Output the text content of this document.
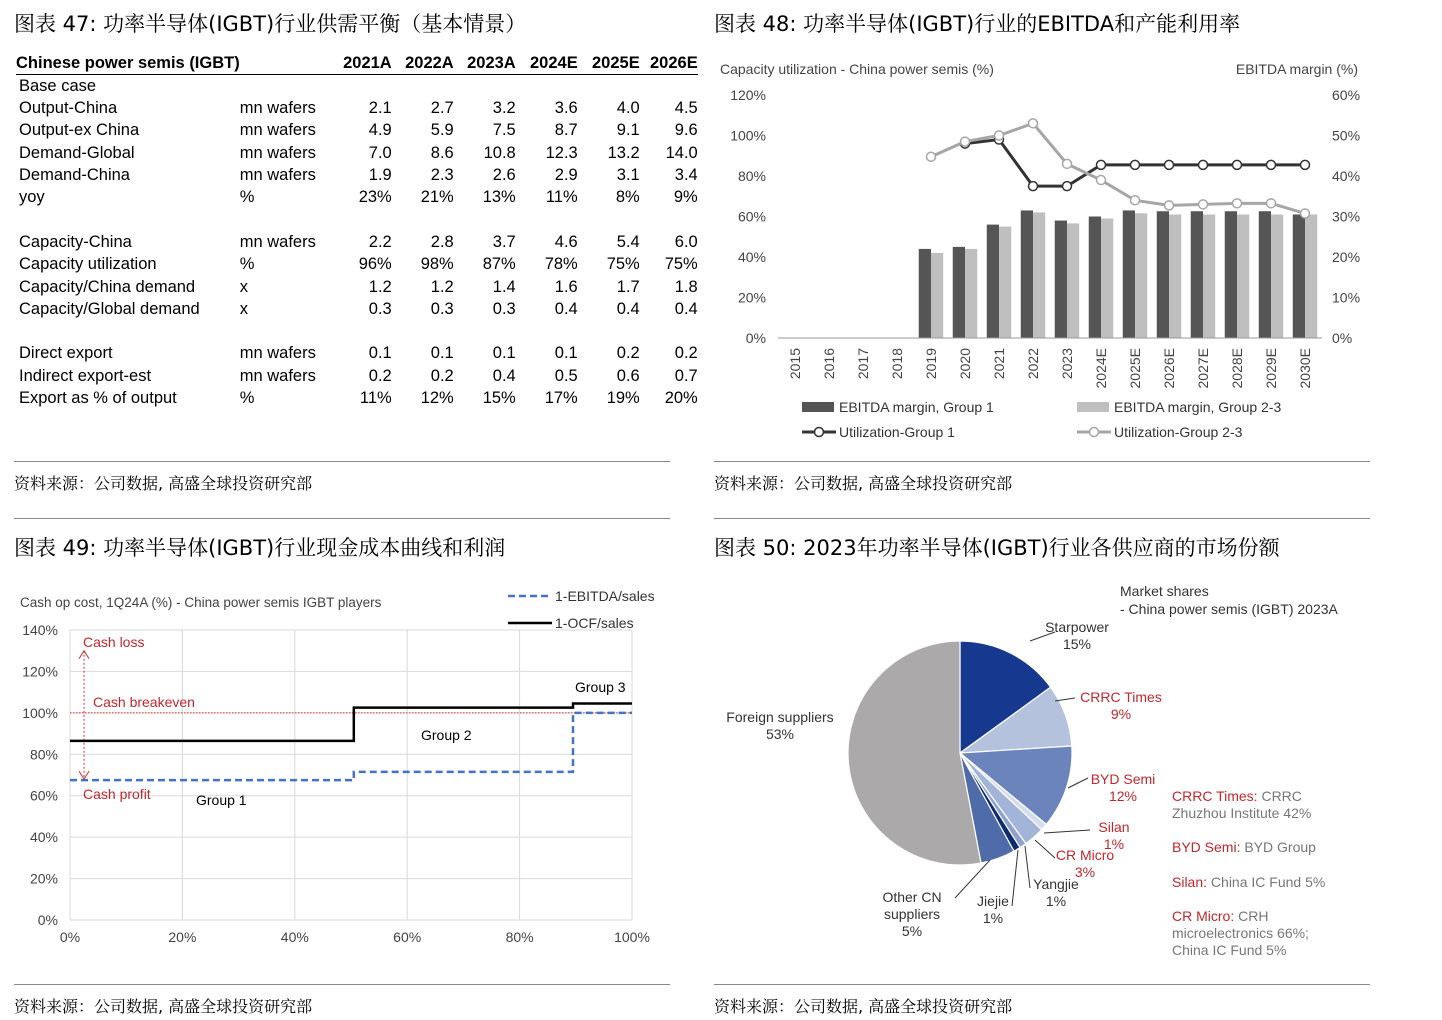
图表 47: 功率半导体(IGBT)行业供需平衡（基本情景）
Chinese power semis (IGBT)		2021A	2022A	2023A	2024E	2025E	2026E
Base case							
Output-China	mn wafers	2.1	2.7	3.2	3.6	4.0	4.5
Output-ex China	mn wafers	4.9	5.9	7.5	8.7	9.1	9.6
Demand-Global	mn wafers	7.0	8.6	10.8	12.3	13.2	14.0
Demand-China	mn wafers	1.9	2.3	2.6	2.9	3.1	3.4
yoy	%	23%	21%	13%	11%	8%	9%

Capacity-China	mn wafers	2.2	2.8	3.7	4.6	5.4	6.0
Capacity utilization	%	96%	98%	87%	78%	75%	75%
Capacity/China demand	x	1.2	1.2	1.4	1.6	1.7	1.8
Capacity/Global demand	x	0.3	0.3	0.3	0.4	0.4	0.4

Direct export	mn wafers	0.1	0.1	0.1	0.1	0.2	0.2
Indirect export-est	mn wafers	0.2	0.2	0.4	0.5	0.6	0.7
Export as % of output	%	11%	12%	15%	17%	19%	20%
资料来源：公司数据, 高盛全球投资研究部
图表 48: 功率半导体(IGBT)行业的EBITDA和产能利用率
Capacity utilization - China power semis (%)	EBITDA margin (%)
0%
20%
40%
60%
80%
100%
120%
0%
10%
20%
30%
40%
50%
60%
2015 2016 2017 2018 2019 2020 2021 2022 2023 2024E 2025E 2026E 2027E 2028E 2029E 2030E
EBITDA margin, Group 1	EBITDA margin, Group 2-3
Utilization-Group 1	Utilization-Group 2-3
资料来源：公司数据, 高盛全球投资研究部
图表 49: 功率半导体(IGBT)行业现金成本曲线和利润
Cash op cost, 1Q24A (%) - China power semis IGBT players
0%
20%
40%
60%
80%
100%
120%
140%
0%	20%	40%	60%	80%	100%
1-EBITDA/sales
1-OCF/sales
Cash loss
Cash breakeven
Cash profit	Group 1
Group 2
Group 3
资料来源：公司数据, 高盛全球投资研究部
图表 50: 2023年功率半导体(IGBT)行业各供应商的市场份额
Market shares
- China power semis (IGBT) 2023A
Starpower
15%
CRRC Times
9%
BYD Semi
12%
Silan
1%
CR Micro
3%
Yangjie
1%
Jiejie
1%
Other CN
suppliers
5%
Foreign suppliers
53%
CRRC Times: CRRC
Zhuzhou Institute 42%
BYD Semi: BYD Group
Silan: China IC Fund 5%
CR Micro: CRH
microelectronics 66%;
China IC Fund 5%
资料来源：公司数据, 高盛全球投资研究部
